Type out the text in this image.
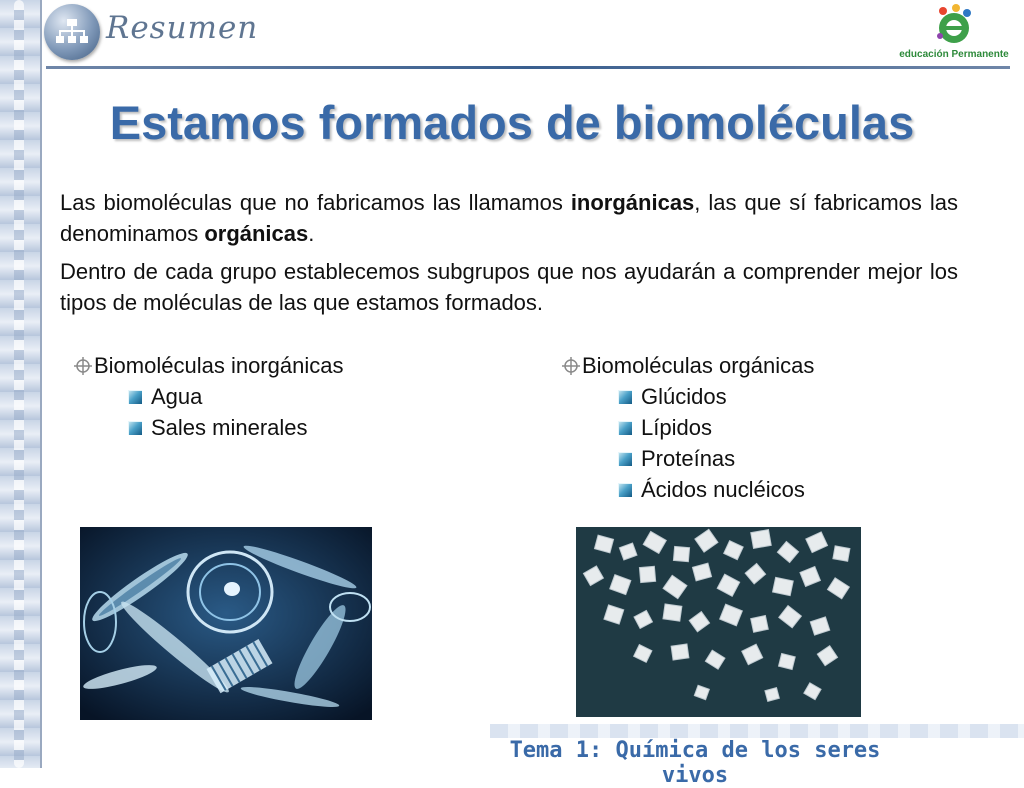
Resumen
educación Permanente
Estamos formados de biomoléculas
Las biomoléculas que no fabricamos las llamamos inorgánicas, las que sí fabricamos las denominamos orgánicas.
Dentro de cada grupo establecemos subgrupos que nos ayudarán a comprender mejor los tipos de moléculas de las que estamos formados.
Biomoléculas inorgánicas
Agua
Sales minerales
Biomoléculas orgánicas
Glúcidos
Lípidos
Proteínas
Ácidos nucléicos
Tema 1: Química de los seres vivos
